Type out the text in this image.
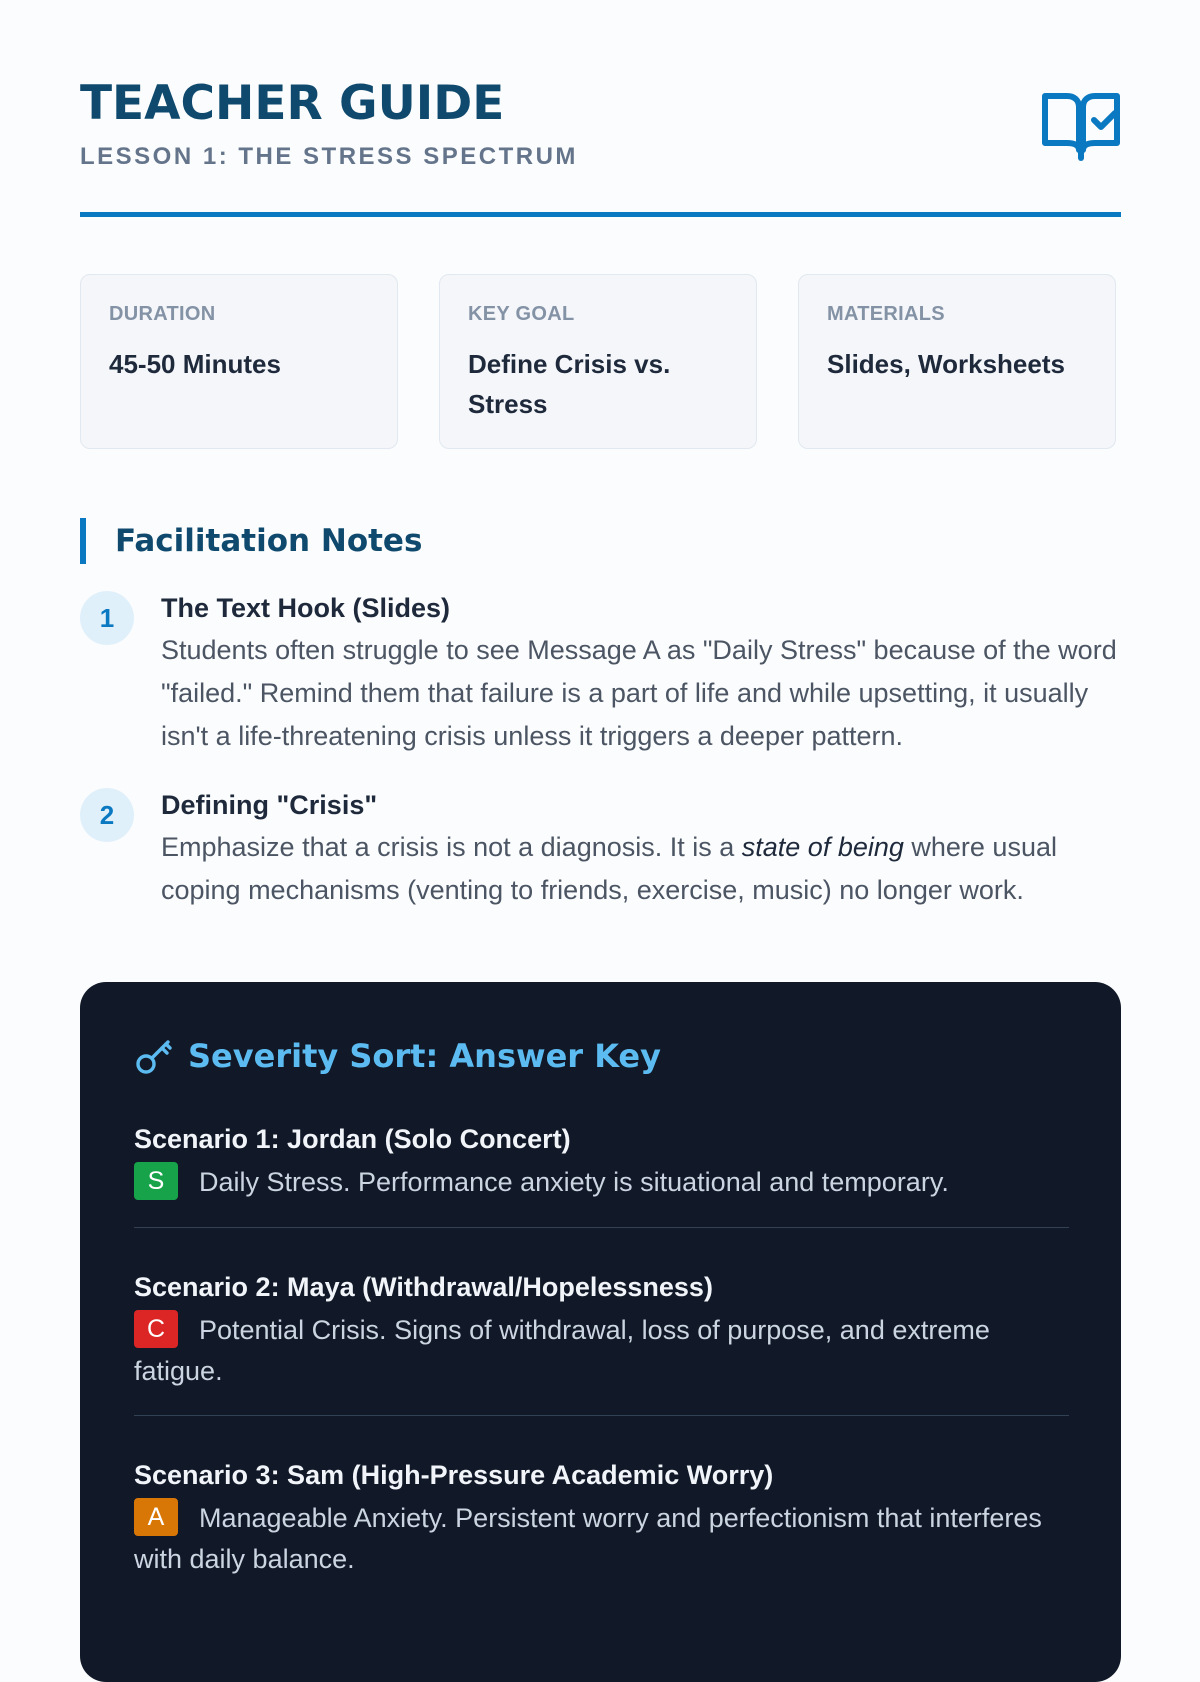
TEACHER GUIDE
LESSON 1: THE STRESS SPECTRUM
DURATION
45-50 Minutes
KEY GOAL
Define Crisis vs. Stress
MATERIALS
Slides, Worksheets
Facilitation Notes
1	The Text Hook (Slides)
Students often struggle to see Message A as "Daily Stress" because of the word "failed." Remind them that failure is a part of life and while upsetting, it usually isn't a life-threatening crisis unless it triggers a deeper pattern.
2	Defining "Crisis"
Emphasize that a crisis is not a diagnosis. It is a state of being where usual coping mechanisms (venting to friends, exercise, music) no longer work.
Severity Sort: Answer Key
Scenario 1: Jordan (Solo Concert)
S Daily Stress. Performance anxiety is situational and temporary.
Scenario 2: Maya (Withdrawal/Hopelessness)
C Potential Crisis. Signs of withdrawal, loss of purpose, and extreme fatigue.
Scenario 3: Sam (High-Pressure Academic Worry)
A Manageable Anxiety. Persistent worry and perfectionism that interferes with daily balance.
